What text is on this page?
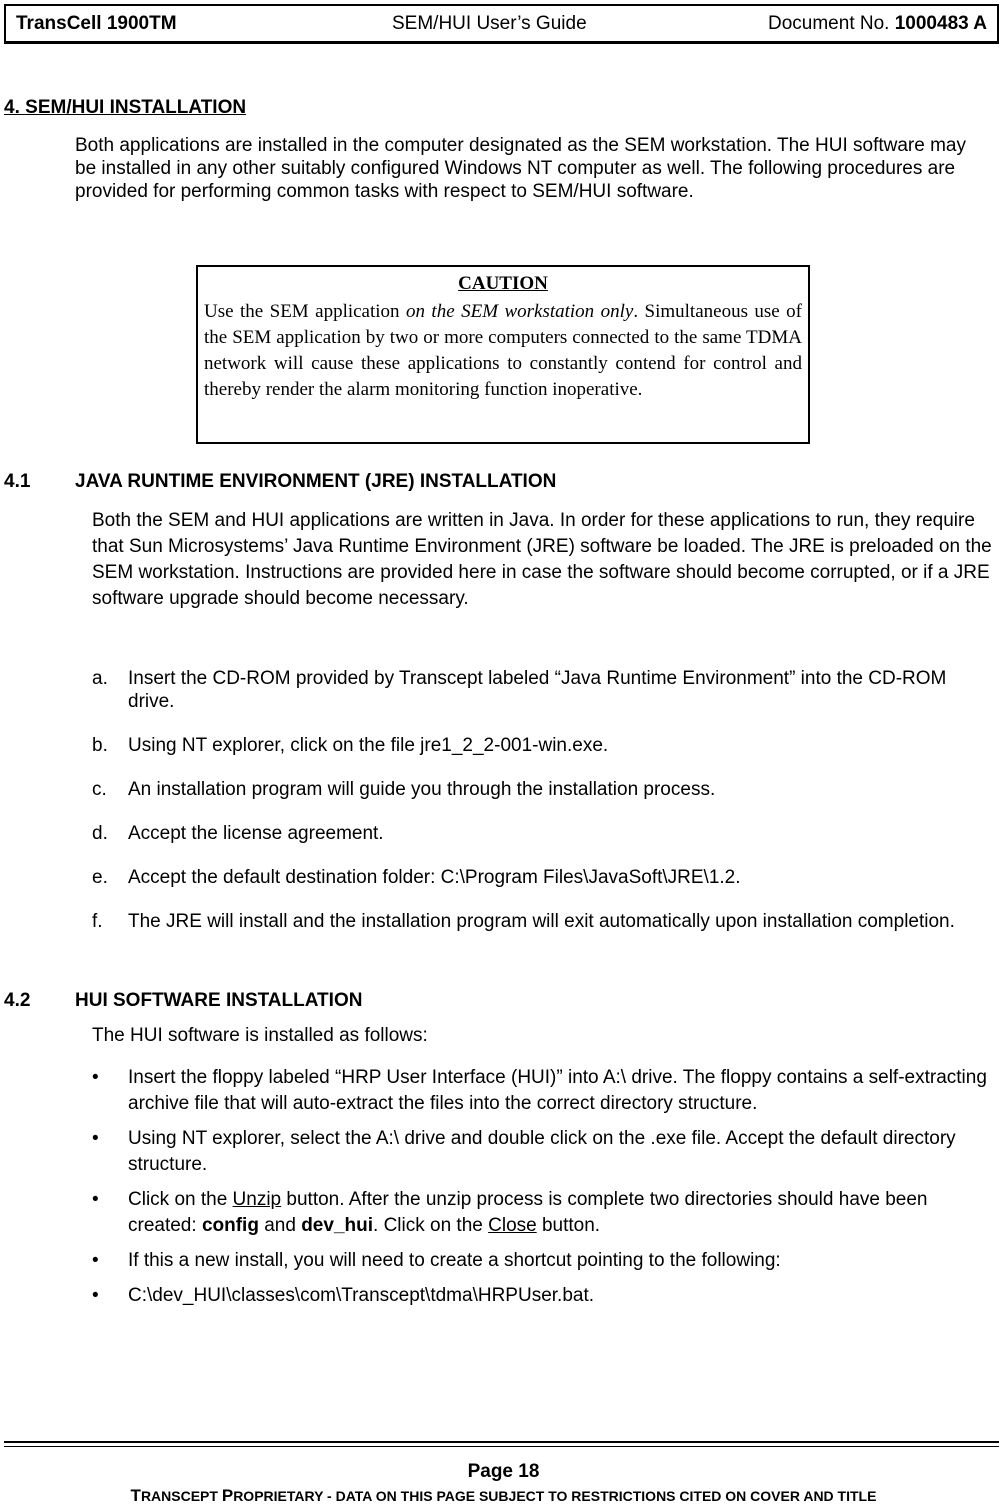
TransCell 1900TM	SEM/HUI User’s Guide	Document No. 1000483 A
4. SEM/HUI INSTALLATION
Both applications are installed in the computer designated as the SEM workstation. The HUI software may be installed in any other suitably configured Windows NT computer as well. The following procedures are provided for performing common tasks with respect to SEM/HUI software.
CAUTION
Use the SEM application on the SEM workstation only. Simultaneous use of the SEM application by two or more computers connected to the same TDMA network will cause these applications to constantly contend for control and thereby render the alarm monitoring function inoperative.
4.1 JAVA RUNTIME ENVIRONMENT (JRE) INSTALLATION
Both the SEM and HUI applications are written in Java. In order for these applications to run, they require that Sun Microsystems’ Java Runtime Environment (JRE) software be loaded. The JRE is preloaded on the SEM workstation. Instructions are provided here in case the software should become corrupted, or if a JRE software upgrade should become necessary.
a.	Insert the CD-ROM provided by Transcept labeled “Java Runtime Environment” into the CD-ROM drive.
b.	Using NT explorer, click on the file jre1_2_2-001-win.exe.
c.	An installation program will guide you through the installation process.
d.	Accept the license agreement.
e.	Accept the default destination folder: C:\Program Files\JavaSoft\JRE\1.2.
f.	The JRE will install and the installation program will exit automatically upon installation completion.
4.2 HUI SOFTWARE INSTALLATION
The HUI software is installed as follows:
•	Insert the floppy labeled “HRP User Interface (HUI)” into A:\ drive. The floppy contains a self-extracting archive file that will auto-extract the files into the correct directory structure.
•	Using NT explorer, select the A:\ drive and double click on the .exe file. Accept the default directory structure.
•	Click on the Unzip button. After the unzip process is complete two directories should have been created: config and dev_hui. Click on the Close button.
•	If this a new install, you will need to create a shortcut pointing to the following:
•	C:\dev_HUI\classes\com\Transcept\tdma\HRPUser.bat.
Page 18
TRANSCEPT PROPRIETARY - DATA ON THIS PAGE SUBJECT TO RESTRICTIONS CITED ON COVER AND TITLE
